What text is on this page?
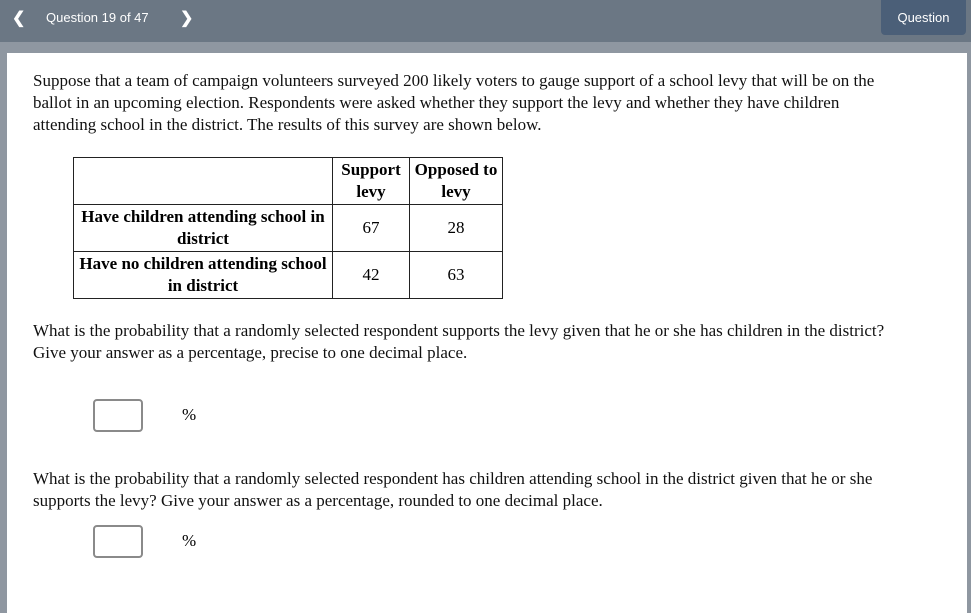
❮ Question 19 of 47 ❯	Question
Suppose that a team of campaign volunteers surveyed 200 likely voters to gauge support of a school levy that will be on the ballot in an upcoming election. Respondents were asked whether they support the levy and whether they have children attending school in the district. The results of this survey are shown below.
	Support levy	Opposed to levy
Have children attending school in district	67	28
Have no children attending school in district	42	63
What is the probability that a randomly selected respondent supports the levy given that he or she has children in the district? Give your answer as a percentage, precise to one decimal place.
%
What is the probability that a randomly selected respondent has children attending school in the district given that he or she supports the levy? Give your answer as a percentage, rounded to one decimal place.
%
